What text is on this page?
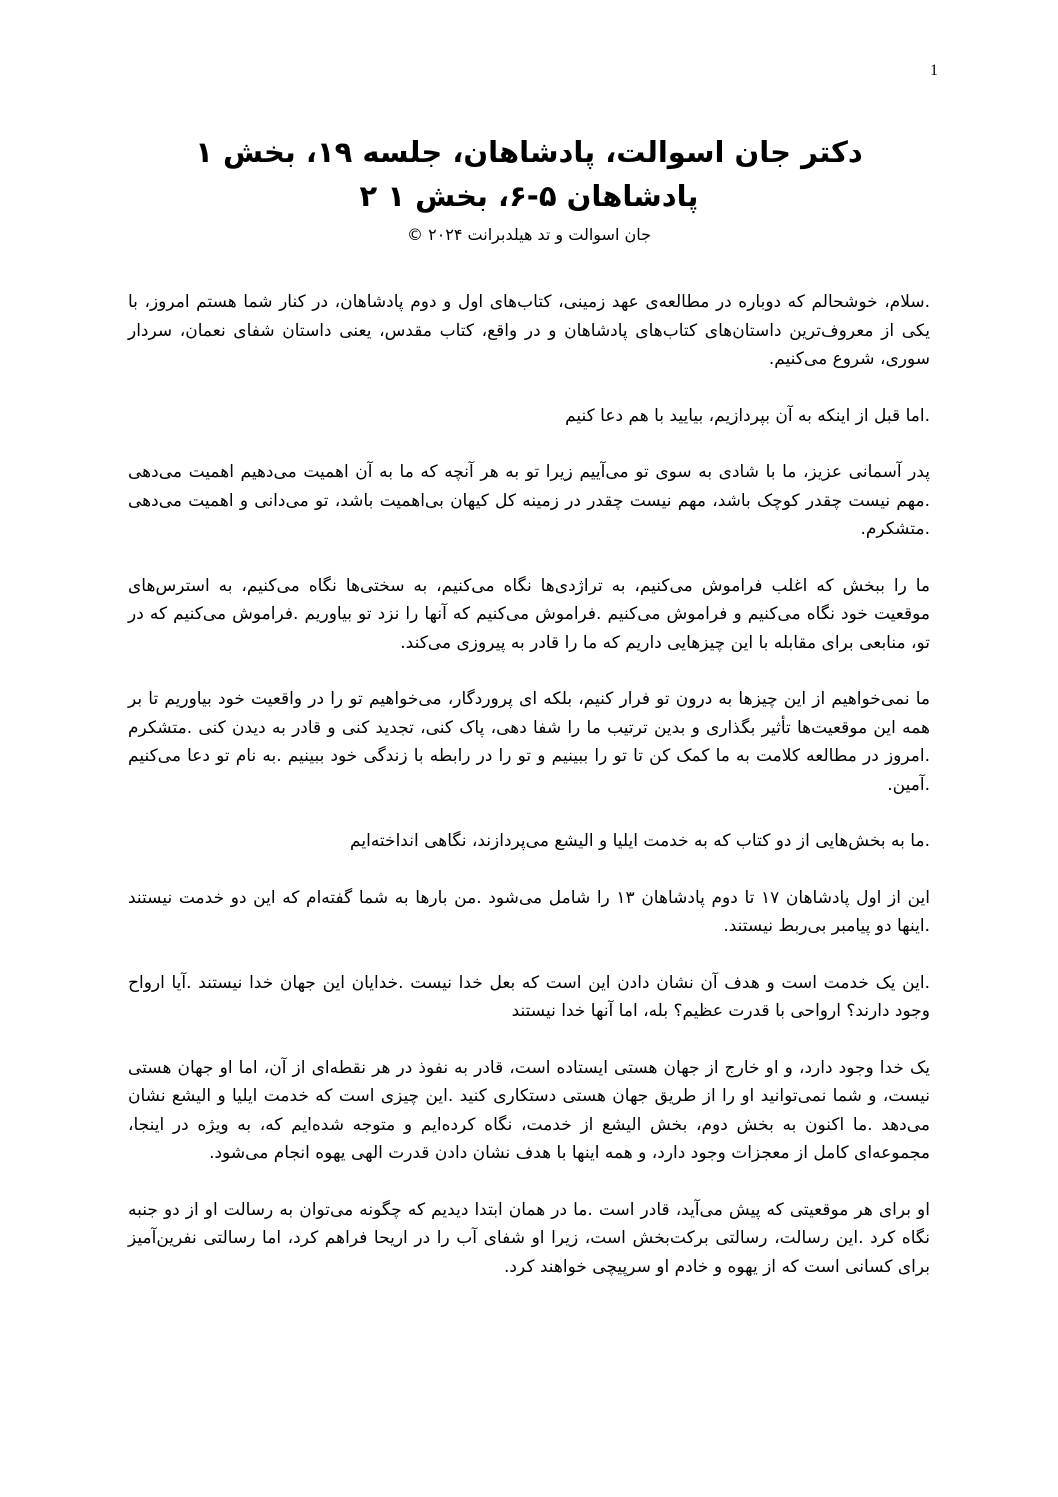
1
دکتر جان اسوالت، پادشاهان، جلسه ۱۹، بخش ۱
پادشاهان ۵-۶، بخش ۱ ۲
جان اسوالت و تد هیلدبرانت ۲۰۲۴ ©

.سلام، خوشحالم که دوباره در مطالعه‌ی عهد زمینی، کتاب‌های اول و دوم پادشاهان، در کنار شما هستم امروز، با یکی از معروف‌ترین داستان‌های کتاب‌های پادشاهان و در واقع، کتاب مقدس، یعنی داستان شفای نعمان، سردار سوری، شروع می‌کنیم.

.اما قبل از اینکه به آن بپردازیم، بیایید با هم دعا کنیم

پدر آسمانی عزیز، ما با شادی به سوی تو می‌آییم زیرا تو به هر آنچه که ما به آن اهمیت می‌دهیم اهمیت می‌دهی .مهم نیست چقدر کوچک باشد، مهم نیست چقدر در زمینه کل کیهان بی‌اهمیت باشد، تو می‌دانی و اهمیت می‌دهی .متشکرم.

ما را ببخش که اغلب فراموش می‌کنیم، به تراژدی‌ها نگاه می‌کنیم، به سختی‌ها نگاه می‌کنیم، به استرس‌های موقعیت خود نگاه می‌کنیم و فراموش می‌کنیم .فراموش می‌کنیم که آنها را نزد تو بیاوریم .فراموش می‌کنیم که در تو، منابعی برای مقابله با این چیزهایی داریم که ما را قادر به پیروزی می‌کند.

ما نمی‌خواهیم از این چیزها به درون تو فرار کنیم، بلکه ای پروردگار، می‌خواهیم تو را در واقعیت خود بیاوریم تا بر همه این موقعیت‌ها تأثیر بگذاری و بدین ترتیب ما را شفا دهی، پاک کنی، تجدید کنی و قادر به دیدن کنی .متشکرم .امروز در مطالعه کلامت به ما کمک کن تا تو را ببینیم و تو را در رابطه با زندگی خود ببینیم .به نام تو دعا می‌کنیم .آمین.

.ما به بخش‌هایی از دو کتاب که به خدمت ایلیا و الیشع می‌پردازند، نگاهی انداخته‌ایم

این از اول پادشاهان ۱۷ تا دوم پادشاهان ۱۳ را شامل می‌شود .من بارها به شما گفته‌ام که این دو خدمت نیستند .اینها دو پیامبر بی‌ربط نیستند.

.این یک خدمت است و هدف آن نشان دادن این است که بعل خدا نیست .خدایان این جهان خدا نیستند .آیا ارواح وجود دارند؟ ارواحی با قدرت عظیم؟ بله، اما آنها خدا نیستند

یک خدا وجود دارد، و او خارج از جهان هستی ایستاده است، قادر به نفوذ در هر نقطه‌ای از آن، اما او جهان هستی نیست، و شما نمی‌توانید او را از طریق جهان هستی دستکاری کنید .این چیزی است که خدمت ایلیا و الیشع نشان می‌دهد .ما اکنون به بخش دوم، بخش الیشع از خدمت، نگاه کرده‌ایم و متوجه شده‌ایم که، به ویژه در اینجا، مجموعه‌ای کامل از معجزات وجود دارد، و همه اینها با هدف نشان دادن قدرت الهی یهوه انجام می‌شود.

او برای هر موقعیتی که پیش می‌آید، قادر است .ما در همان ابتدا دیدیم که چگونه می‌توان به رسالت او از دو جنبه نگاه کرد .این رسالت، رسالتی برکت‌بخش است، زیرا او شفای آب را در اریحا فراهم کرد، اما رسالتی نفرین‌آمیز برای کسانی است که از یهوه و خادم او سرپیچی خواهند کرد.
